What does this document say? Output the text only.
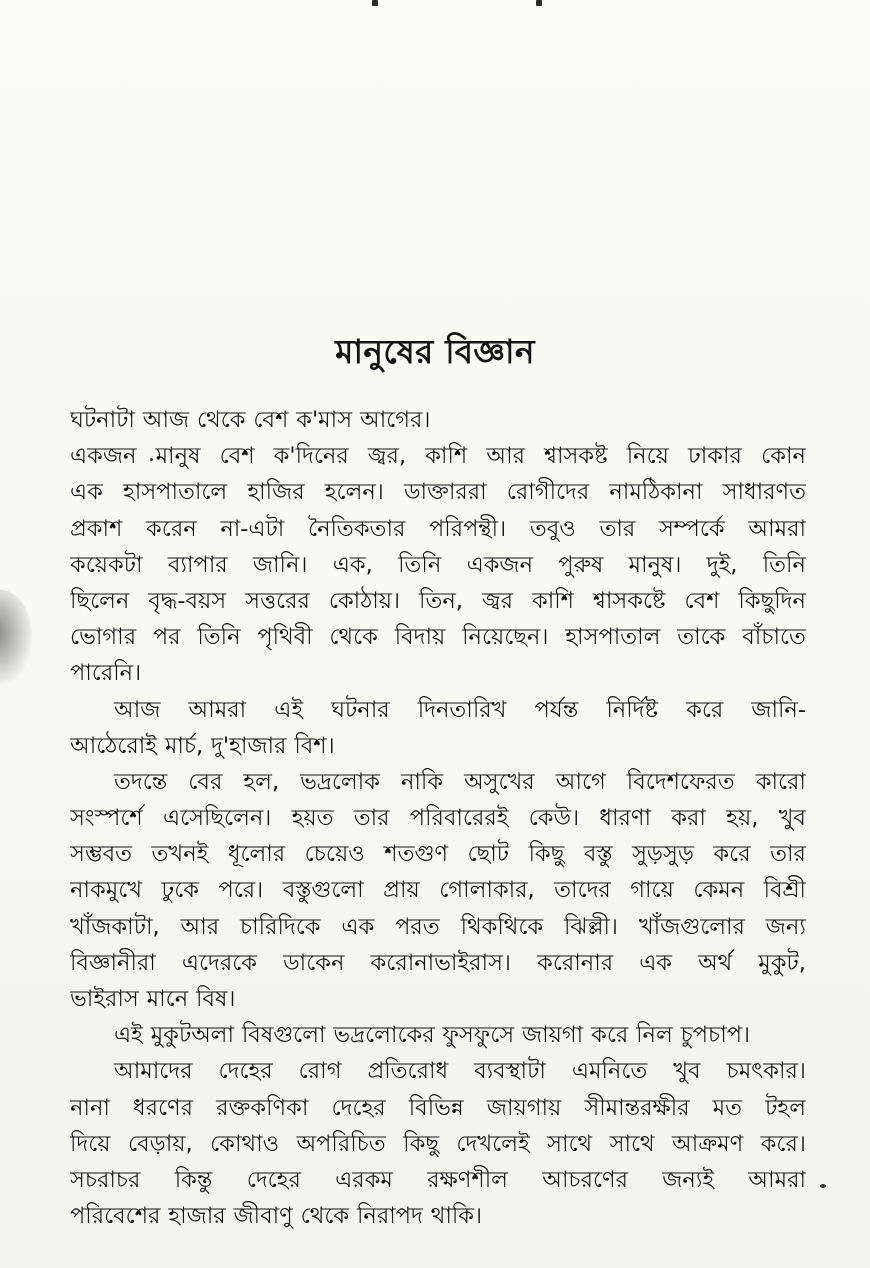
মানুষের বিজ্ঞান
ঘটনাটা আজ থেকে বেশ ক'মাস আগের।
একজন মানুষ বেশ ক'দিনের জ্বর, কাশি আর শ্বাসকষ্ট নিয়ে ঢাকার কোন
এক হাসপাতালে হাজির হলেন। ডাক্তাররা রোগীদের নামঠিকানা সাধারণত
প্রকাশ করেন না-এটা নৈতিকতার পরিপন্থী। তবুও তার সম্পর্কে আমরা
কয়েকটা ব্যাপার জানি। এক, তিনি একজন পুরুষ মানুষ। দুই, তিনি
ছিলেন বৃদ্ধ-বয়স সত্তরের কোঠায়। তিন, জ্বর কাশি শ্বাসকষ্টে বেশ কিছুদিন
ভোগার পর তিনি পৃথিবী থেকে বিদায় নিয়েছেন। হাসপাতাল তাকে বাঁচাতে
পারেনি।
আজ আমরা এই ঘটনার দিনতারিখ পর্যন্ত নির্দিষ্ট করে জানি-
আঠেরোই মার্চ, দু'হাজার বিশ।
তদন্তে বের হল, ভদ্রলোক নাকি অসুখের আগে বিদেশফেরত কারো
সংস্পর্শে এসেছিলেন। হয়ত তার পরিবারেরই কেউ। ধারণা করা হয়, খুব
সম্ভবত তখনই ধূলোর চেয়েও শতগুণ ছোট কিছু বস্তু সুড়সুড় করে তার
নাকমুখে ঢুকে পরে। বস্তুগুলো প্রায় গোলাকার, তাদের গায়ে কেমন বিশ্রী
খাঁজকাটা, আর চারিদিকে এক পরত থিকথিকে ঝিল্লী। খাঁজগুলোর জন্য
বিজ্ঞানীরা এদেরকে ডাকেন করোনাভাইরাস। করোনার এক অর্থ মুকুট,
ভাইরাস মানে বিষ।
এই মুকুটঅলা বিষগুলো ভদ্রলোকের ফুসফুসে জায়গা করে নিল চুপচাপ।
আমাদের দেহের রোগ প্রতিরোধ ব্যবস্থাটা এমনিতে খুব চমৎকার।
নানা ধরণের রক্তকণিকা দেহের বিভিন্ন জায়গায় সীমান্তরক্ষীর মত টহল
দিয়ে বেড়ায়, কোথাও অপরিচিত কিছু দেখলেই সাথে সাথে আক্রমণ করে।
সচরাচর কিন্তু দেহের এরকম রক্ষণশীল আচরণের জন্যই আমরা
পরিবেশের হাজার জীবাণু থেকে নিরাপদ থাকি।
